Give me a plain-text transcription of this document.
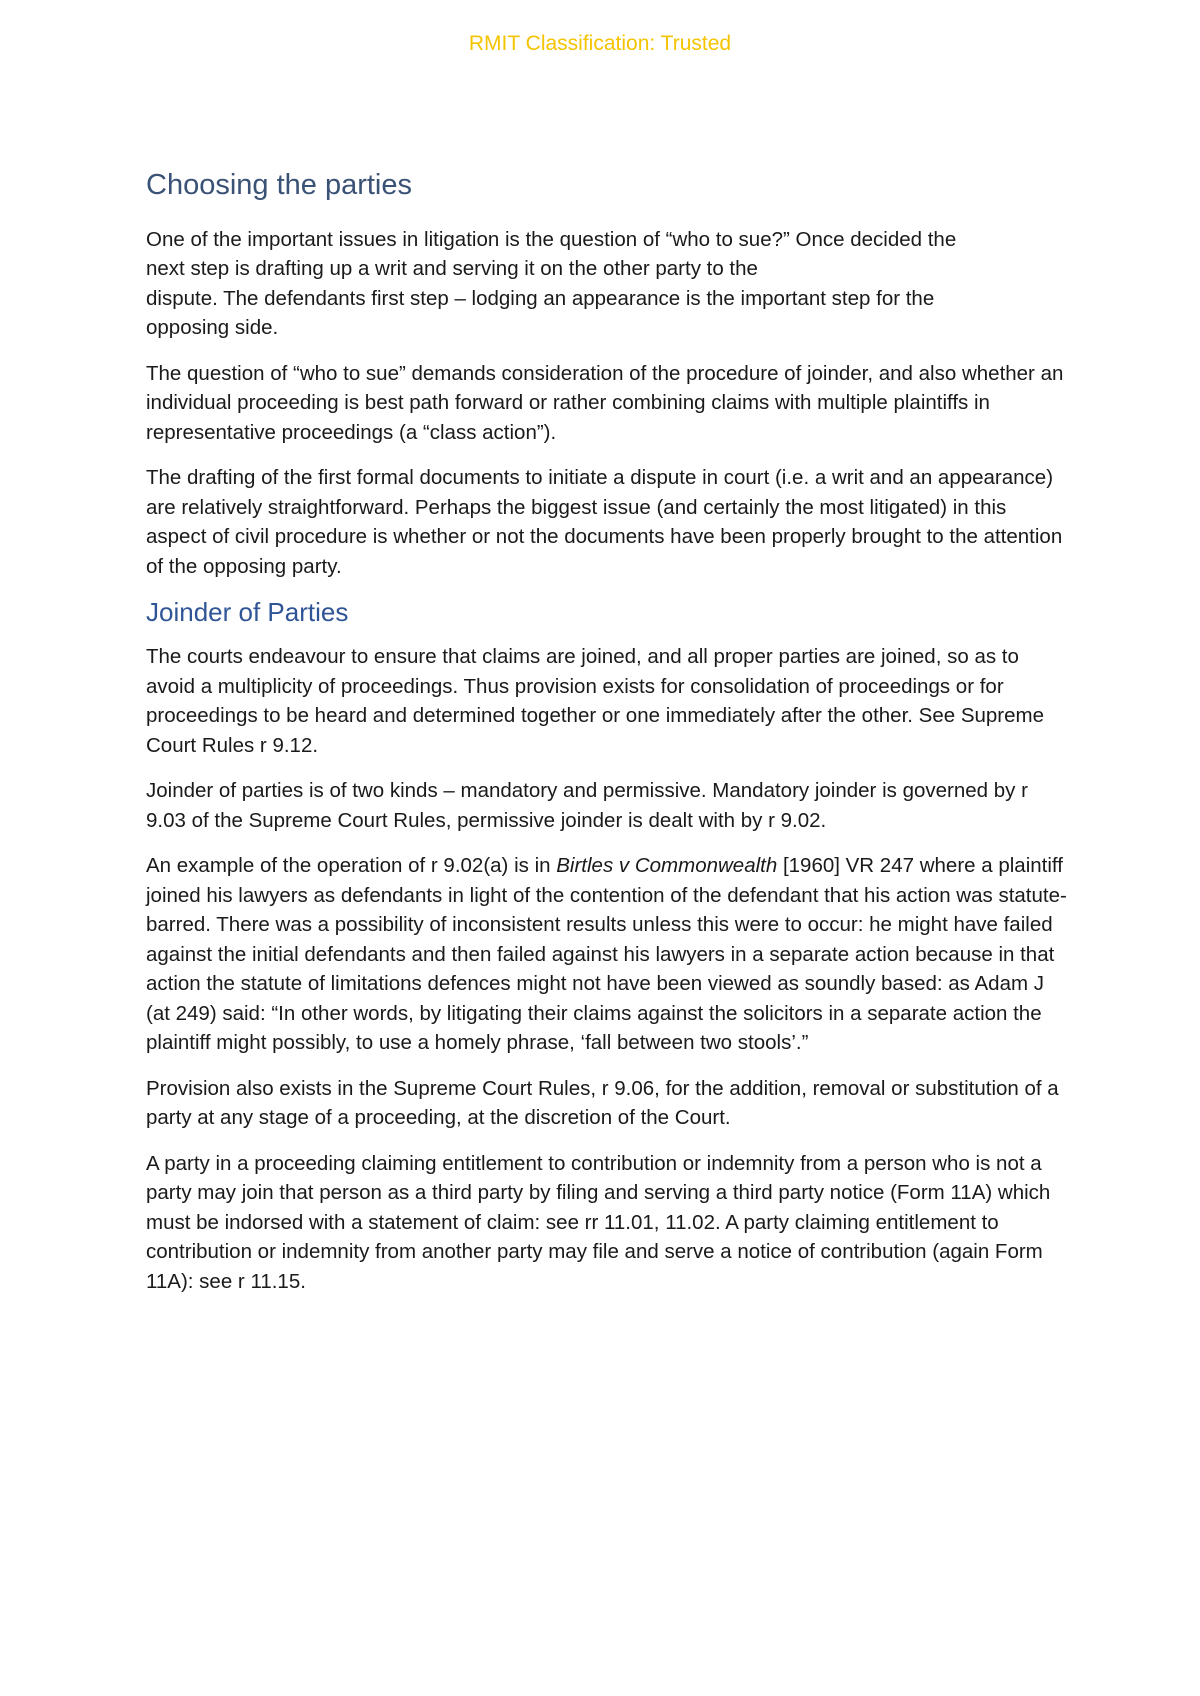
RMIT Classification: Trusted
Choosing the parties

One of the important issues in litigation is the question of “who to sue?” Once decided the
next step is drafting up a writ and serving it on the other party to the
dispute. The defendants first step – lodging an appearance is the important step for the
opposing side.

The question of “who to sue” demands consideration of the procedure of joinder, and also whether an individual proceeding is best path forward or rather combining claims with multiple plaintiffs in representative proceedings (a “class action”).

The drafting of the first formal documents to initiate a dispute in court (i.e. a writ and an appearance) are relatively straightforward. Perhaps the biggest issue (and certainly the most litigated) in this aspect of civil procedure is whether or not the documents have been properly brought to the attention of the opposing party.

Joinder of Parties

The courts endeavour to ensure that claims are joined, and all proper parties are joined, so as to avoid a multiplicity of proceedings. Thus provision exists for consolidation of proceedings or for proceedings to be heard and determined together or one immediately after the other. See Supreme Court Rules r 9.12.

Joinder of parties is of two kinds – mandatory and permissive. Mandatory joinder is governed by r 9.03 of the Supreme Court Rules, permissive joinder is dealt with by r 9.02.

An example of the operation of r 9.02(a) is in Birtles v Commonwealth [1960] VR 247 where a plaintiff joined his lawyers as defendants in light of the contention of the defendant that his action was statute-barred. There was a possibility of inconsistent results unless this were to occur: he might have failed against the initial defendants and then failed against his lawyers in a separate action because in that action the statute of limitations defences might not have been viewed as soundly based: as Adam J (at 249) said: “In other words, by litigating their claims against the solicitors in a separate action the plaintiff might possibly, to use a homely phrase, ‘fall between two stools’.”

Provision also exists in the Supreme Court Rules, r 9.06, for the addition, removal or substitution of a party at any stage of a proceeding, at the discretion of the Court.

A party in a proceeding claiming entitlement to contribution or indemnity from a person who is not a party may join that person as a third party by filing and serving a third party notice (Form 11A) which must be indorsed with a statement of claim: see rr 11.01, 11.02. A party claiming entitlement to contribution or indemnity from another party may file and serve a notice of contribution (again Form 11A): see r 11.15.
